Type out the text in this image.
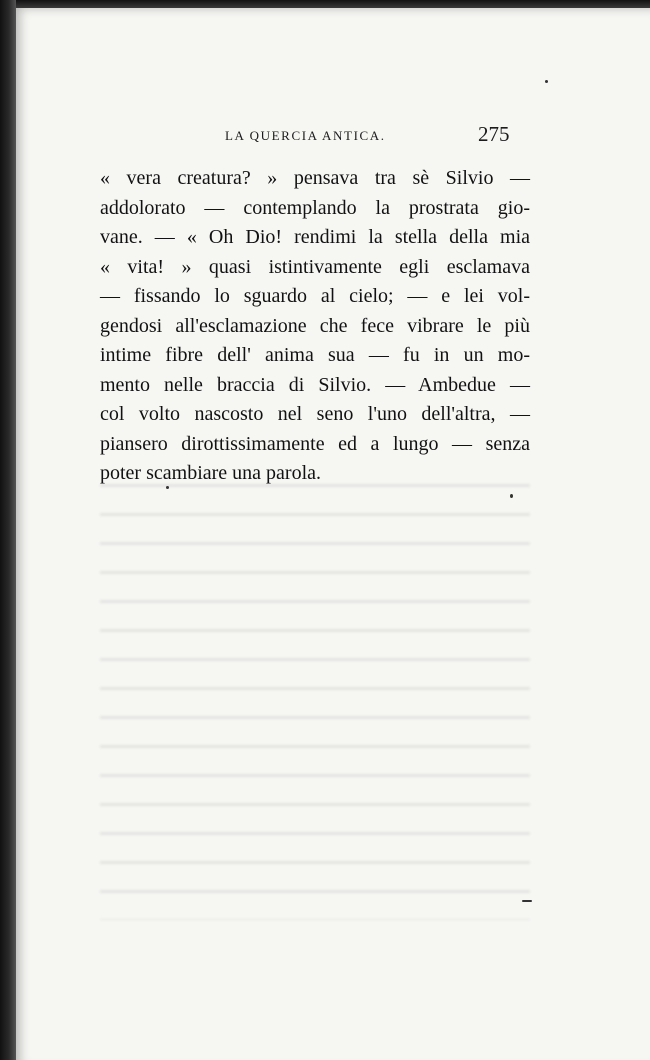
LA QUERCIA ANTICA.	275
« vera creatura? » pensava tra sè Silvio —
addolorato — contemplando la prostrata gio-
vane. — « Oh Dio! rendimi la stella della mia
« vita! » quasi istintivamente egli esclamava
— fissando lo sguardo al cielo; — e lei vol-
gendosi all'esclamazione che fece vibrare le più
intime fibre dell' anima sua — fu in un mo-
mento nelle braccia di Silvio. — Ambedue —
col volto nascosto nel seno l'uno dell'altra, —
piansero dirottissimamente ed a lungo — senza
poter scambiare una parola.
